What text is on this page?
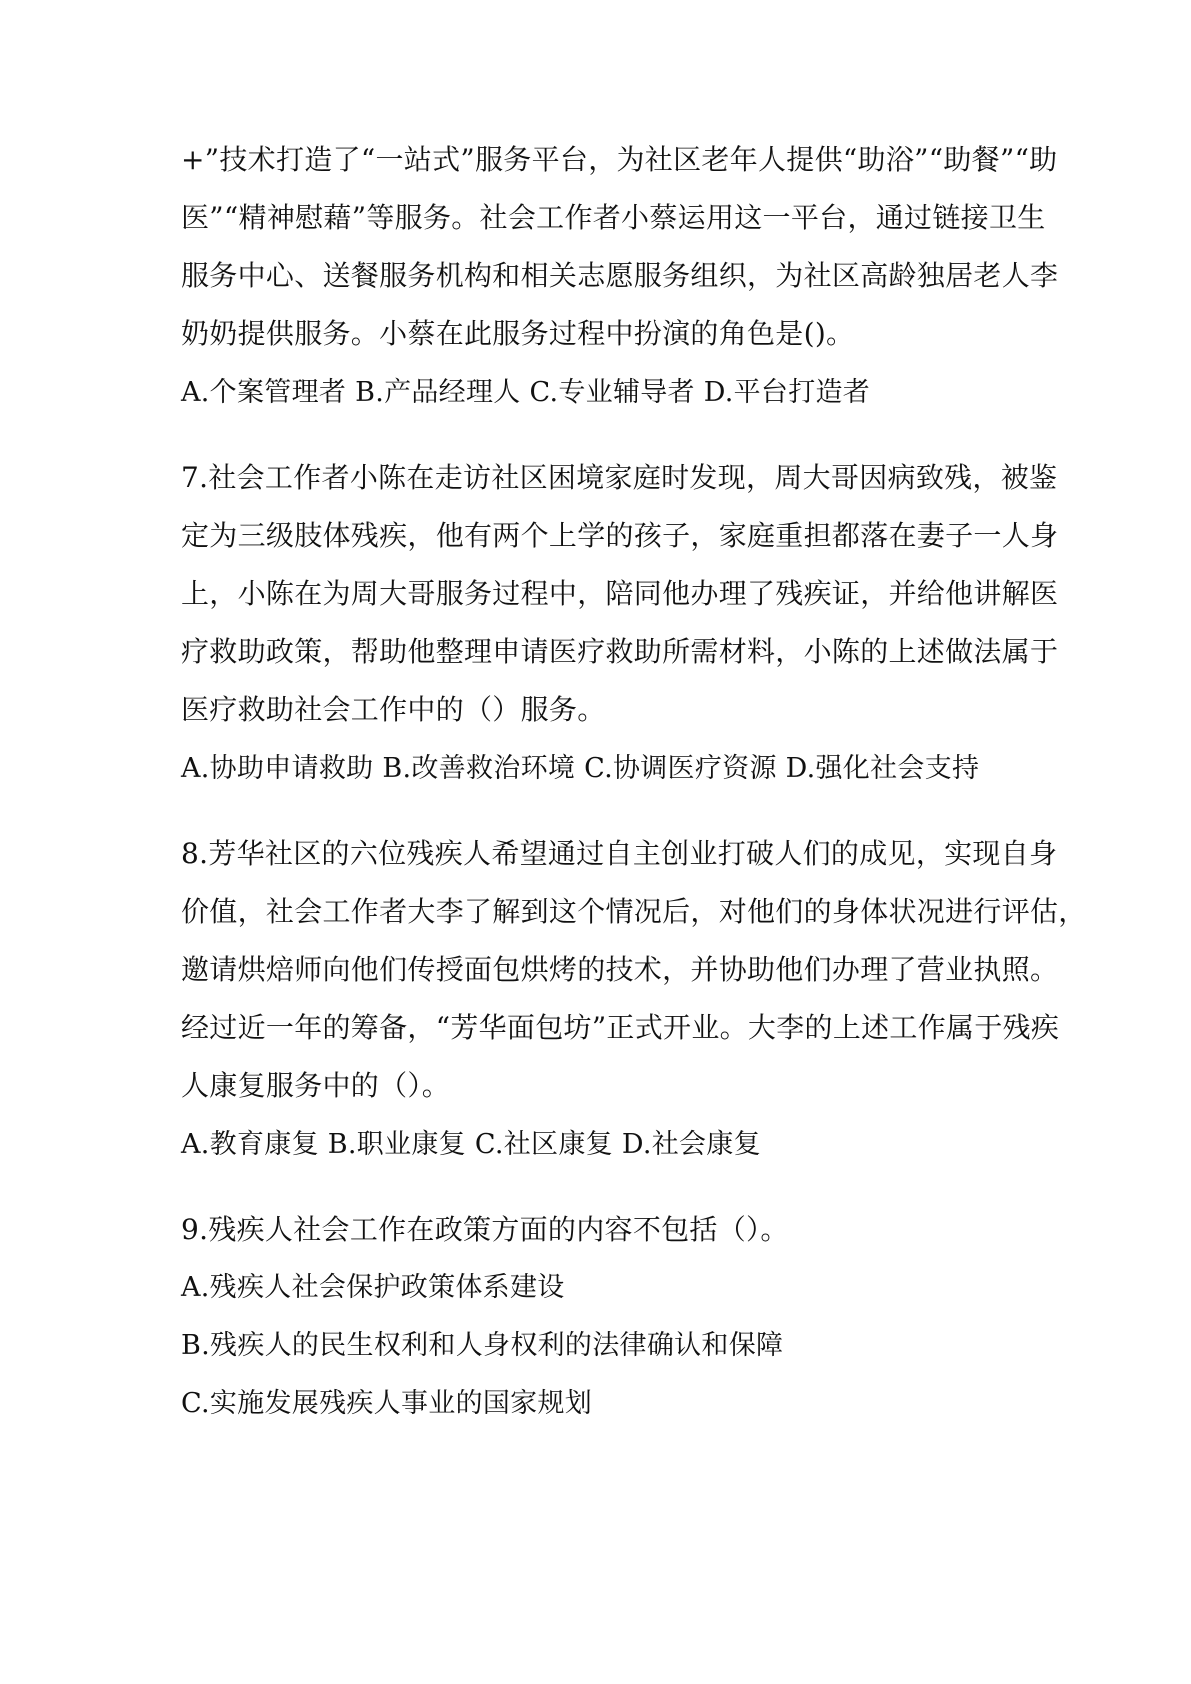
+”技术打造了“一站式”服务平台，为社区老年人提供“助浴”“助餐”“助
医”“精神慰藉”等服务。社会工作者小蔡运用这一平台，通过链接卫生
服务中心、送餐服务机构和相关志愿服务组织，为社区高龄独居老人李
奶奶提供服务。小蔡在此服务过程中扮演的角色是()。
A.个案管理者 B.产品经理人 C.专业辅导者 D.平台打造者
7.社会工作者小陈在走访社区困境家庭时发现，周大哥因病致残，被鉴
定为三级肢体残疾，他有两个上学的孩子，家庭重担都落在妻子一人身
上，小陈在为周大哥服务过程中，陪同他办理了残疾证，并给他讲解医
疗救助政策，帮助他整理申请医疗救助所需材料，小陈的上述做法属于
医疗救助社会工作中的（）服务。
A.协助申请救助 B.改善救治环境 C.协调医疗资源 D.强化社会支持
8.芳华社区的六位残疾人希望通过自主创业打破人们的成见，实现自身
价值，社会工作者大李了解到这个情况后，对他们的身体状况进行评估，
邀请烘焙师向他们传授面包烘烤的技术，并协助他们办理了营业执照。
经过近一年的筹备，“芳华面包坊”正式开业。大李的上述工作属于残疾
人康复服务中的（）。
A.教育康复 B.职业康复 C.社区康复 D.社会康复
9.残疾人社会工作在政策方面的内容不包括（）。
A.残疾人社会保护政策体系建设
B.残疾人的民生权利和人身权利的法律确认和保障
C.实施发展残疾人事业的国家规划
